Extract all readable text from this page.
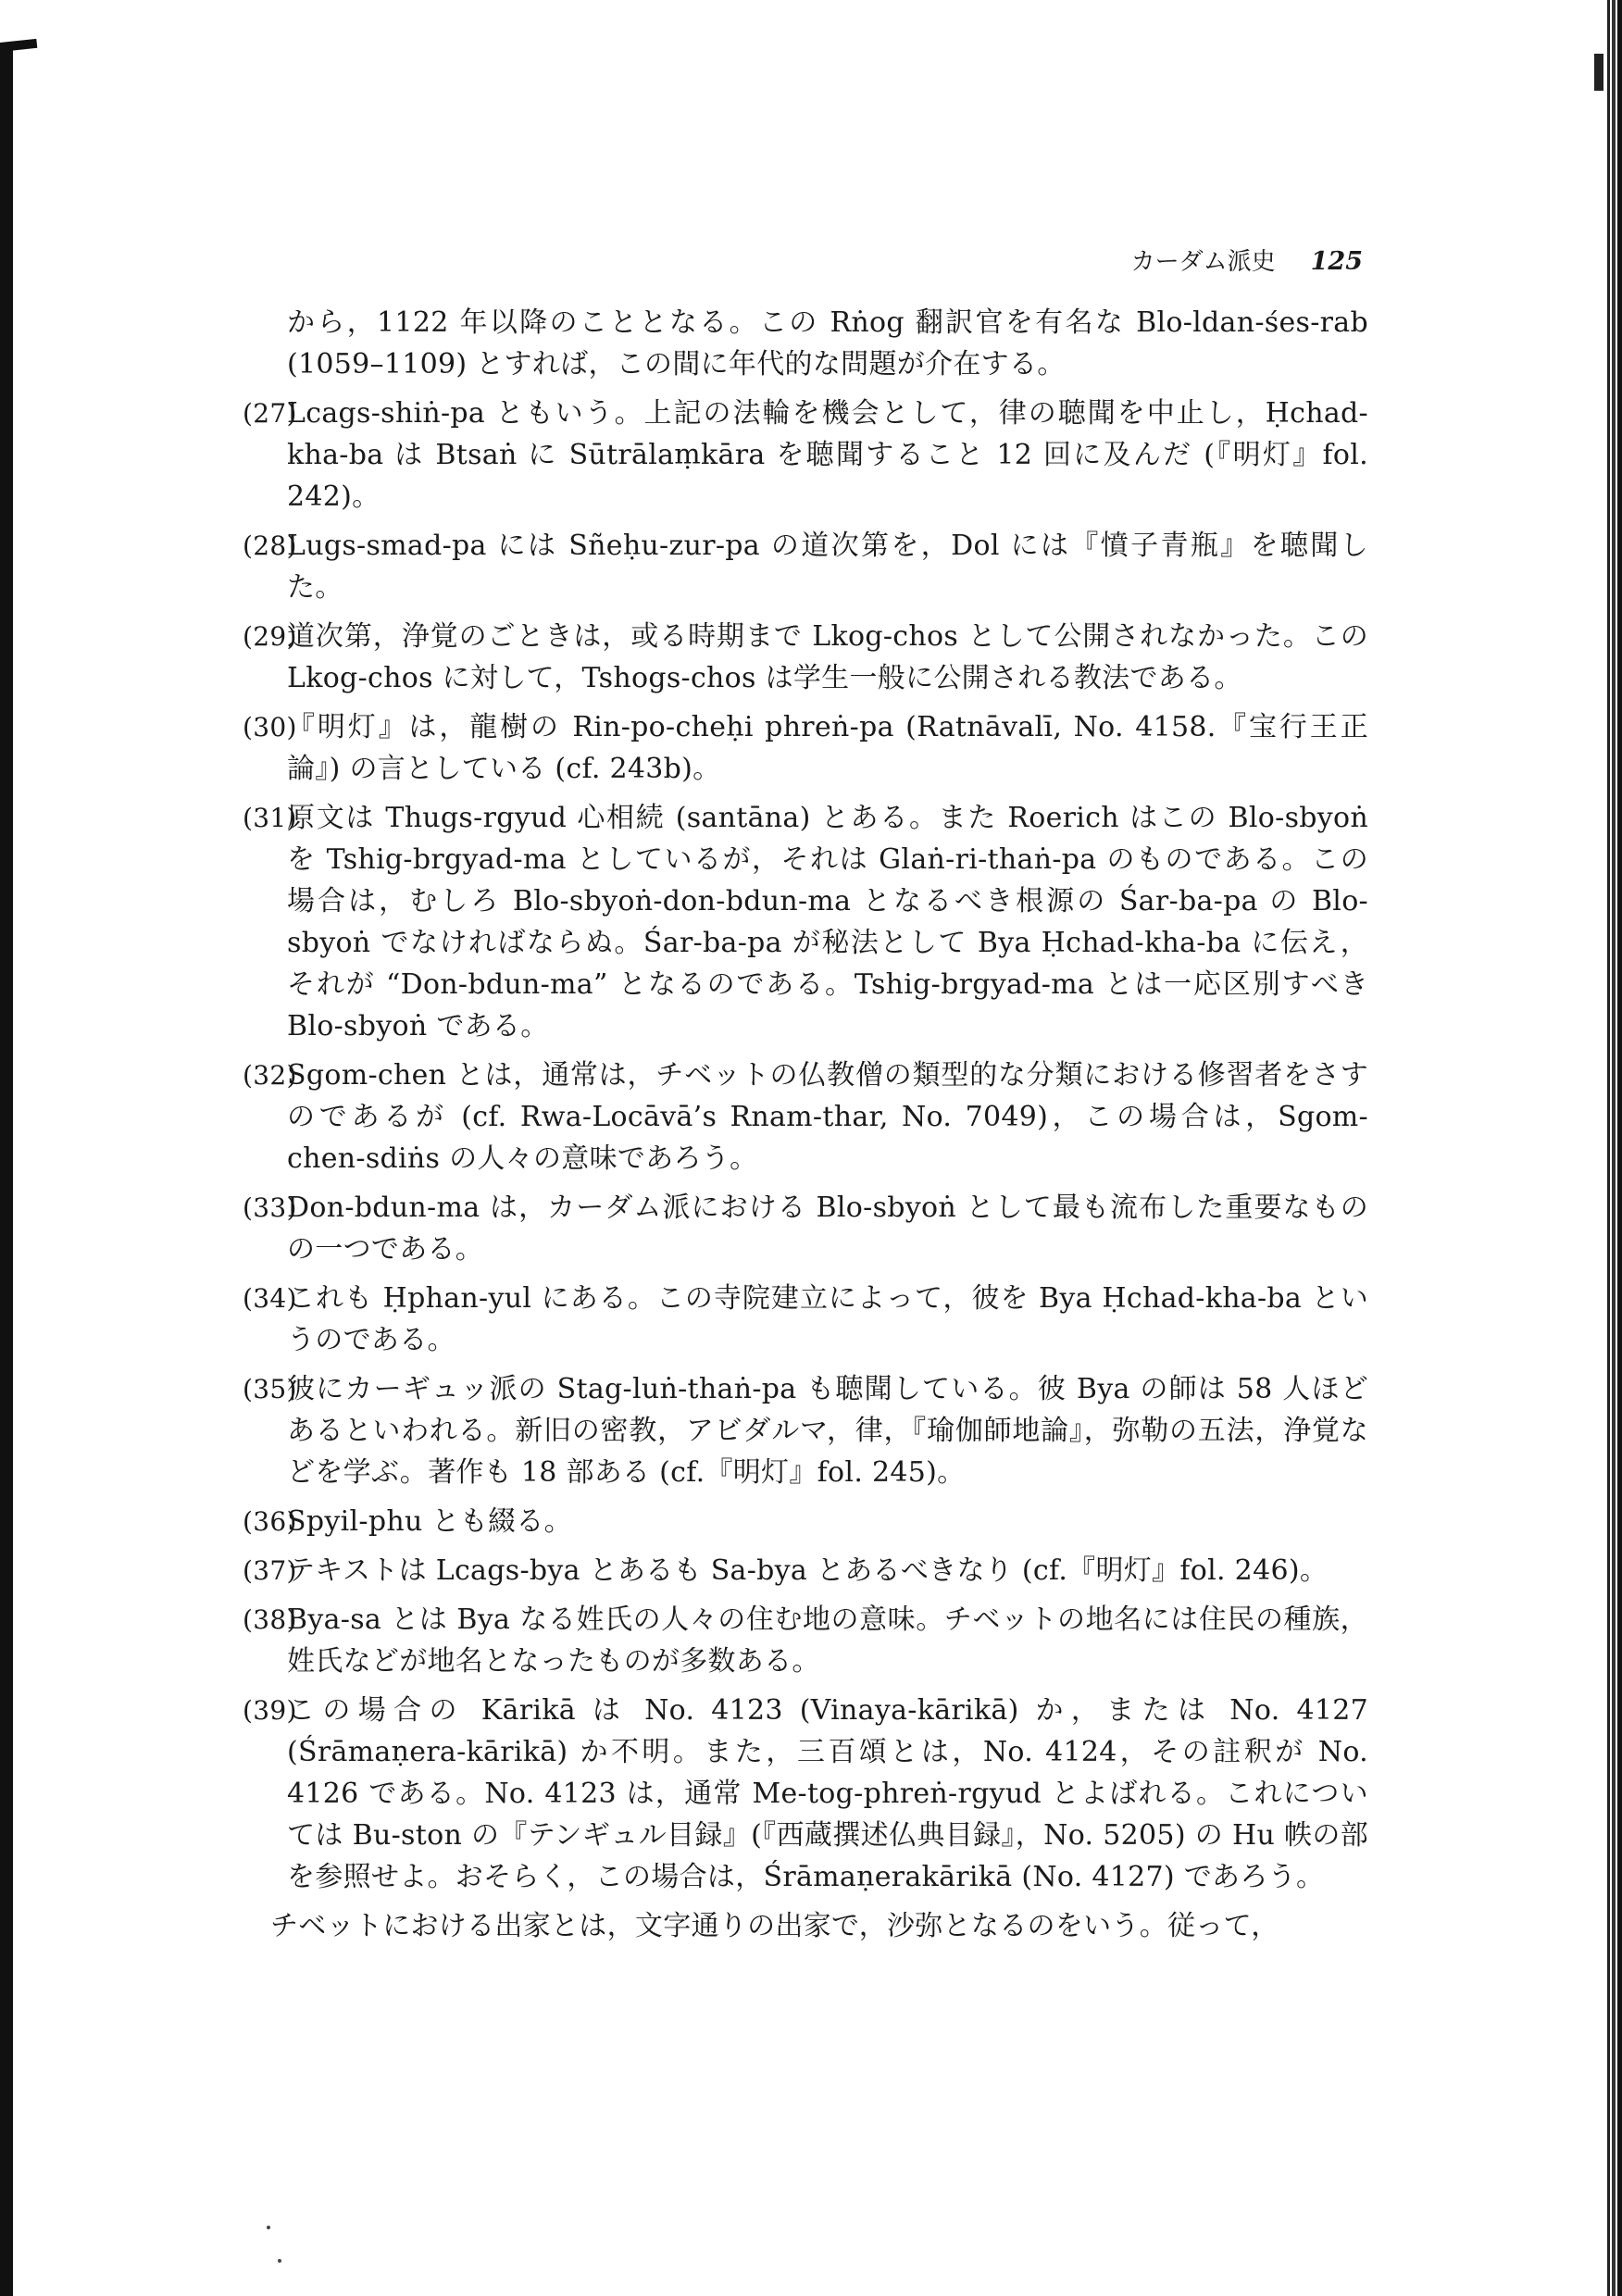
カーダム派史 125

から，1122 年以降のこととなる。この Rṅog 翻訳官を有名な Blo-ldan-śes-rab (1059–1109) とすれば，この間に年代的な問題が介在する。

(27)
Lcags-shiṅ-pa ともいう。上記の法輪を機会として，律の聴聞を中止し，Ḥchad-kha-ba は Btsaṅ に Sūtrālaṃkāra を聴聞すること 12 回に及んだ (『明灯』fol. 242)。
(28)
Lugs-smad-pa には Sñeḥu-zur-pa の道次第を，Dol には『憤子青瓶』を聴聞した。
(29)
道次第，浄覚のごときは，或る時期まで Lkog-chos として公開されなかった。この Lkog-chos に対して，Tshogs-chos は学生一般に公開される教法である。
(30)
『明灯』は，龍樹の Rin-po-cheḥi phreṅ-pa (Ratnāvalī, No. 4158.『宝行王正論』) の言としている (cf. 243b)。
(31)
原文は Thugs-rgyud 心相続 (santāna) とある。また Roerich はこの Blo-sbyoṅ を Tshig-brgyad-ma としているが，それは Glaṅ-ri-thaṅ-pa のものである。この場合は，むしろ Blo-sbyoṅ-don-bdun-ma となるべき根源の Śar-ba-pa の Blo-sbyoṅ でなければならぬ。Śar-ba-pa が秘法として Bya Ḥchad-kha-ba に伝え，それが “Don-bdun-ma” となるのである。Tshig-brgyad-ma とは一応区別すべき Blo-sbyoṅ である。
(32)
Sgom-chen とは，通常は，チベットの仏教僧の類型的な分類における修習者をさすのであるが (cf. Rwa-Locāvā’s Rnam-thar, No. 7049)，この場合は，Sgom-chen-sdiṅs の人々の意味であろう。
(33)
Don-bdun-ma は，カーダム派における Blo-sbyoṅ として最も流布した重要なものの一つである。
(34)
これも Ḥphan-yul にある。この寺院建立によって，彼を Bya Ḥchad-kha-ba というのである。
(35)
彼にカーギュッ派の Stag-luṅ-thaṅ-pa も聴聞している。彼 Bya の師は 58 人ほどあるといわれる。新旧の密教，アビダルマ，律，『瑜伽師地論』，弥勒の五法，浄覚などを学ぶ。著作も 18 部ある (cf.『明灯』fol. 245)。
(36)
Spyil-phu とも綴る。
(37)
テキストは Lcags-bya とあるも Sa-bya とあるべきなり (cf.『明灯』fol. 246)。
(38)
Bya-sa とは Bya なる姓氏の人々の住む地の意味。チベットの地名には住民の種族，姓氏などが地名となったものが多数ある。
(39)
この場合の Kārikā は No. 4123 (Vinaya-kārikā) か，または No. 4127 (Śrāmaṇera-kārikā) か不明。また，三百頌とは，No. 4124，その註釈が No. 4126 である。No. 4123 は，通常 Me-tog-phreṅ-rgyud とよばれる。これについては Bu-ston の『テンギュル目録』(『西蔵撰述仏典目録』，No. 5205) の Hu 帙の部を参照せよ。おそらく，この場合は，Śrāmaṇerakārikā (No. 4127) であろう。

チベットにおける出家とは，文字通りの出家で，沙弥となるのをいう。従って，
